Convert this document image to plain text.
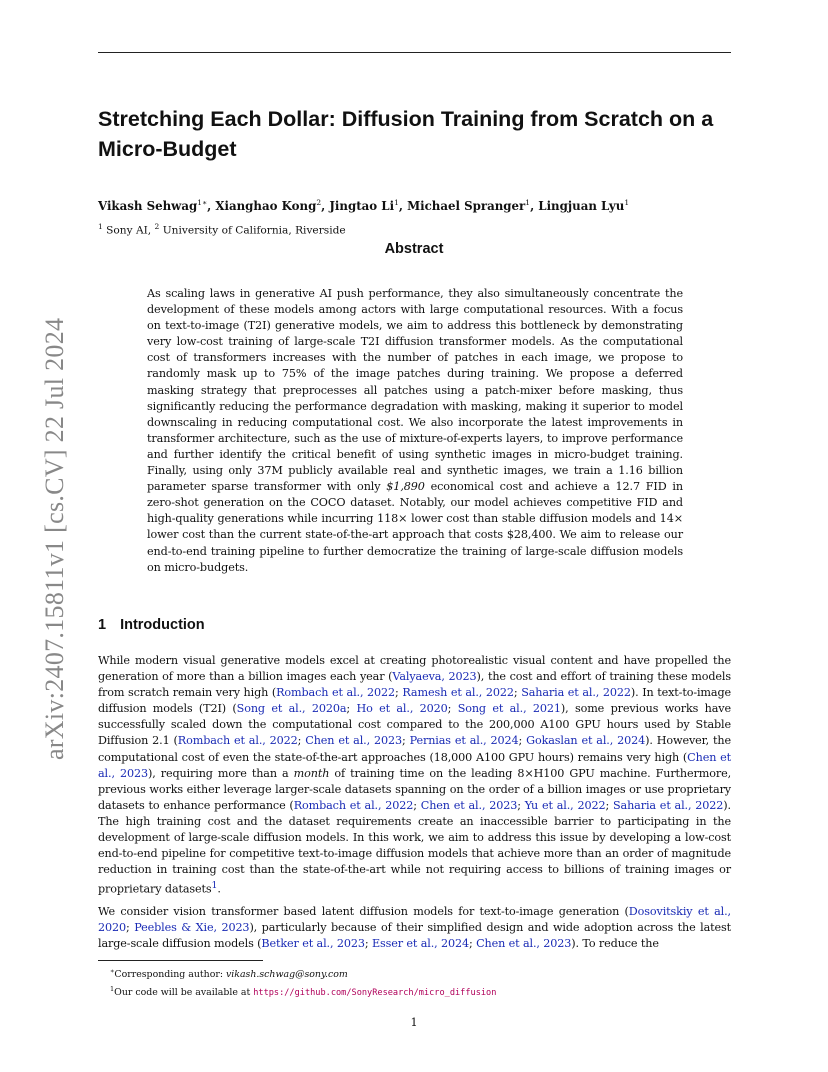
arXiv:2407.15811v1 [cs.CV] 22 Jul 2024
Stretching Each Dollar: Diffusion Training from Scratch on a Micro-Budget
Vikash Sehwag$^{1∗}$, Xianghao Kong$^2$, Jingtao Li$^1$, Michael Spranger$^1$, Lingjuan Lyu$^1$
$^1$ Sony AI, $^2$ University of California, Riverside
Abstract

As scaling laws in generative AI push performance, they also simultaneously concentrate the development of these models among actors with large computational resources. With a focus on text-to-image (T2I) generative models, we aim to address this bottleneck by demonstrating very low-cost training of large-scale T2I diffusion transformer models. As the computational cost of transformers increases with the number of patches in each image, we propose to randomly mask up to 75% of the image patches during training. We propose a deferred masking strategy that preprocesses all patches using a patch-mixer before masking, thus significantly reducing the performance degradation with masking, making it superior to model downscaling in reducing computational cost. We also incorporate the latest improvements in transformer architecture, such as the use of mixture-of-experts layers, to improve performance and further identify the critical benefit of using synthetic images in micro-budget training. Finally, using only 37M publicly available real and synthetic images, we train a 1.16 billion parameter sparse transformer with only $1,890 economical cost and achieve a 12.7 FID in zero-shot generation on the COCO dataset. Notably, our model achieves competitive FID and high-quality generations while incurring 118× lower cost than stable diffusion models and 14× lower cost than the current state-of-the-art approach that costs $28,400. We aim to release our end-to-end training pipeline to further democratize the training of large-scale diffusion models on micro-budgets.

1 Introduction

While modern visual generative models excel at creating photorealistic visual content and have propelled the generation of more than a billion images each year (Valyaeva, 2023), the cost and effort of training these models from scratch remain very high (Rombach et al., 2022; Ramesh et al., 2022; Saharia et al., 2022). In text-to-image diffusion models (T2I) (Song et al., 2020a; Ho et al., 2020; Song et al., 2021), some previous works have successfully scaled down the computational cost compared to the 200,000 A100 GPU hours used by Stable Diffusion 2.1 (Rombach et al., 2022; Chen et al., 2023; Pernias et al., 2024; Gokaslan et al., 2024). However, the computational cost of even the state-of-the-art approaches (18,000 A100 GPU hours) remains very high (Chen et al., 2023), requiring more than a month of training time on the leading 8×H100 GPU machine. Furthermore, previous works either leverage larger-scale datasets spanning on the order of a billion images or use proprietary datasets to enhance performance (Rombach et al., 2022; Chen et al., 2023; Yu et al., 2022; Saharia et al., 2022). The high training cost and the dataset requirements create an inaccessible barrier to participating in the development of large-scale diffusion models. In this work, we aim to address this issue by developing a low-cost end-to-end pipeline for competitive text-to-image diffusion models that achieve more than an order of magnitude reduction in training cost than the state-of-the-art while not requiring access to billions of training images or proprietary datasets$^1$.

We consider vision transformer based latent diffusion models for text-to-image generation (Dosovitskiy et al., 2020; Peebles & Xie, 2023), particularly because of their simplified design and wide adoption across the latest large-scale diffusion models (Betker et al., 2023; Esser et al., 2024; Chen et al., 2023). To reduce the

∗Corresponding author: vikash.schwag@sony.com
$^1$Our code will be available at https://github.com/SonyResearch/micro_diffusion
1
